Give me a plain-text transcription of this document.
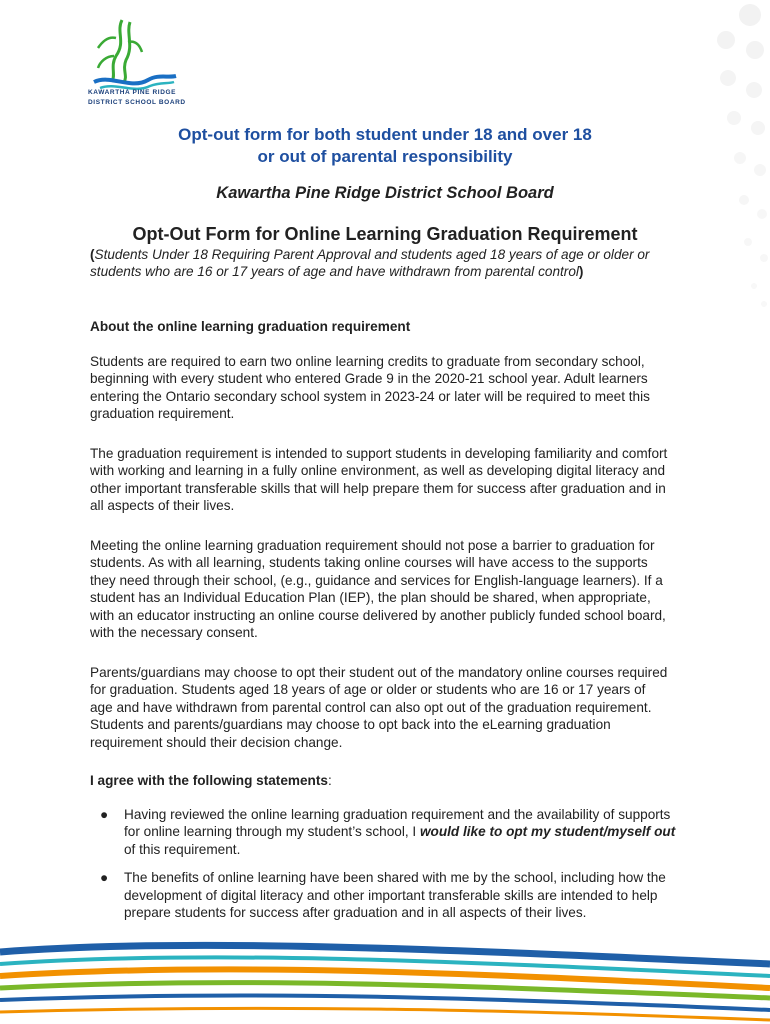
KAWARTHA PINE RIDGE
DISTRICT SCHOOL BOARD
Opt-out form for both student under 18 and over 18
or out of parental responsibility
Kawartha Pine Ridge District School Board
Opt-Out Form for Online Learning Graduation Requirement
(Students Under 18 Requiring Parent Approval and students aged 18 years of age or older or students who are 16 or 17 years of age and have withdrawn from parental control)
About the online learning graduation requirement
Students are required to earn two online learning credits to graduate from secondary school, beginning with every student who entered Grade 9 in the 2020-21 school year. Adult learners entering the Ontario secondary school system in 2023-24 or later will be required to meet this graduation requirement.
The graduation requirement is intended to support students in developing familiarity and comfort with working and learning in a fully online environment, as well as developing digital literacy and other important transferable skills that will help prepare them for success after graduation and in all aspects of their lives.
Meeting the online learning graduation requirement should not pose a barrier to graduation for students. As with all learning, students taking online courses will have access to the supports they need through their school, (e.g., guidance and services for English-language learners). If a student has an Individual Education Plan (IEP), the plan should be shared, when appropriate, with an educator instructing an online course delivered by another publicly funded school board, with the necessary consent.
Parents/guardians may choose to opt their student out of the mandatory online courses required for graduation. Students aged 18 years of age or older or students who are 16 or 17 years of age and have withdrawn from parental control can also opt out of the graduation requirement. Students and parents/guardians may choose to opt back into the eLearning graduation requirement should their decision change.
I agree with the following statements:
● Having reviewed the online learning graduation requirement and the availability of supports for online learning through my student’s school, I would like to opt my student/myself out of this requirement.
● The benefits of online learning have been shared with me by the school, including how the development of digital literacy and other important transferable skills are intended to help prepare students for success after graduation and in all aspects of their lives.
